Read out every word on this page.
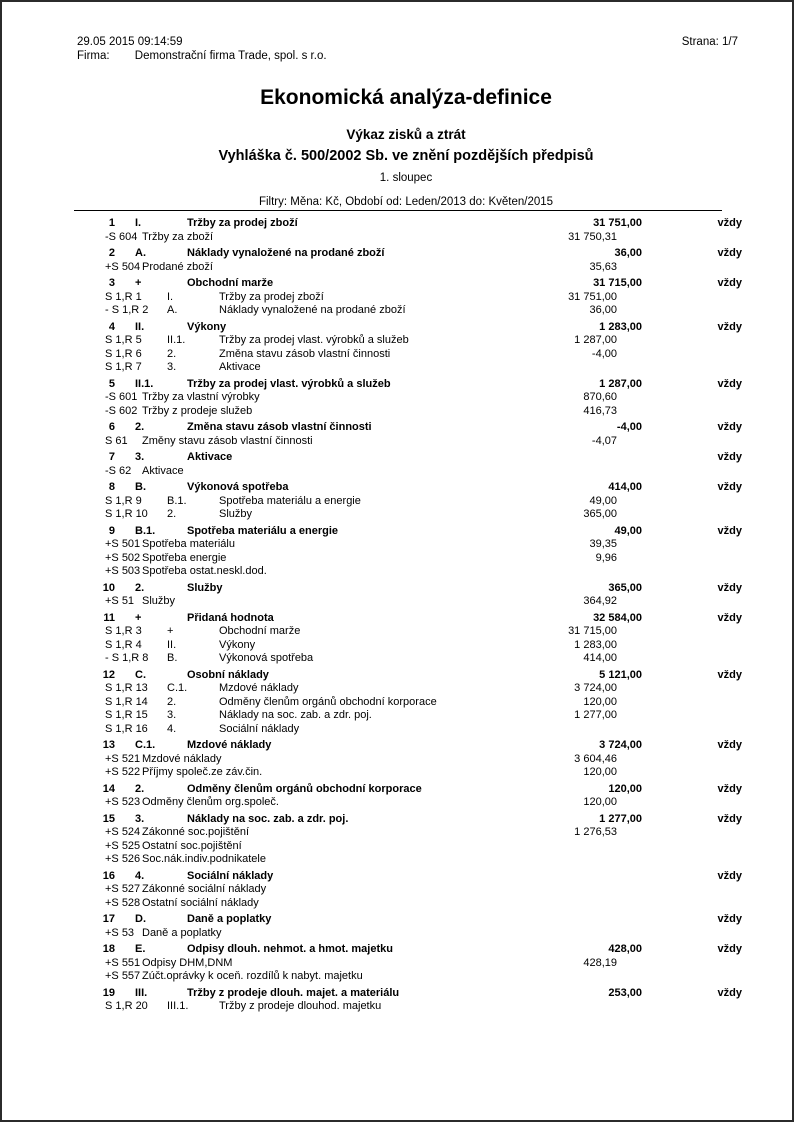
29.05 2015 09:14:59	Strana: 1/7
Firma: Demonstrační firma Trade, spol. s r.o.
Ekonomická analýza-definice
Výkaz zisků a ztrát
Vyhláška č. 500/2002 Sb. ve znění pozdějších předpisů
1. sloupec
Filtry: Měna: Kč, Období od: Leden/2013 do: Květen/2015
1 I.	Tržby za prodej zboží	31 751,00	vždy
-S 604 Tržby za zboží	31 750,31
2 A.	Náklady vynaložené na prodané zboží	36,00	vždy
+S 504 Prodané zboží	35,63
3 +	Obchodní marže	31 715,00	vždy
S 1,R 1	I.	Tržby za prodej zboží	31 751,00
- S 1,R 2	A.	Náklady vynaložené na prodané zboží	36,00
4 II.	Výkony	1 283,00	vždy
S 1,R 5	II.1.	Tržby za prodej vlast. výrobků a služeb	1 287,00
S 1,R 6	2.	Změna stavu zásob vlastní činnosti	-4,00
S 1,R 7	3.	Aktivace
5 II.1.	Tržby za prodej vlast. výrobků a služeb	1 287,00	vždy
-S 601 Tržby za vlastní výrobky	870,60
-S 602 Tržby z prodeje služeb	416,73
6 2.	Změna stavu zásob vlastní činnosti	-4,00	vždy
S 61	Změny stavu zásob vlastní činnosti	-4,07
7 3.	Aktivace	vždy
-S 62 Aktivace
8 B.	Výkonová spotřeba	414,00	vždy
S 1,R 9	B.1.	Spotřeba materiálu a energie	49,00
S 1,R 10	2.	Služby	365,00
9 B.1.	Spotřeba materiálu a energie	49,00	vždy
+S 501 Spotřeba materiálu	39,35
+S 502 Spotřeba energie	9,96
+S 503 Spotřeba ostat.neskl.dod.
10 2.	Služby	365,00	vždy
+S 51 Služby	364,92
11 +	Přidaná hodnota	32 584,00	vždy
S 1,R 3	+	Obchodní marže	31 715,00
S 1,R 4	II.	Výkony	1 283,00
- S 1,R 8	B.	Výkonová spotřeba	414,00
12 C.	Osobní náklady	5 121,00	vždy
S 1,R 13	C.1.	Mzdové náklady	3 724,00
S 1,R 14	2.	Odměny členům orgánů obchodní korporace	120,00
S 1,R 15	3.	Náklady na soc. zab. a zdr. poj.	1 277,00
S 1,R 16	4.	Sociální náklady
13 C.1.	Mzdové náklady	3 724,00	vždy
+S 521 Mzdové náklady	3 604,46
+S 522 Příjmy společ.ze záv.čin.	120,00
14 2.	Odměny členům orgánů obchodní korporace	120,00	vždy
+S 523 Odměny členům org.společ.	120,00
15 3.	Náklady na soc. zab. a zdr. poj.	1 277,00	vždy
+S 524 Zákonné soc.pojištění	1 276,53
+S 525 Ostatní soc.pojištění
+S 526 Soc.nák.indiv.podnikatele
16 4.	Sociální náklady	vždy
+S 527 Zákonné sociální náklady
+S 528 Ostatní sociální náklady
17 D.	Daně a poplatky	vždy
+S 53 Daně a poplatky
18 E.	Odpisy dlouh. nehmot. a hmot. majetku	428,00	vždy
+S 551 Odpisy DHM,DNM	428,19
+S 557 Zúčt.oprávky k oceň. rozdílů k nabyt. majetku
19 III.	Tržby z prodeje dlouh. majet. a materiálu	253,00	vždy
S 1,R 20	III.1.	Tržby z prodeje dlouhod. majetku
